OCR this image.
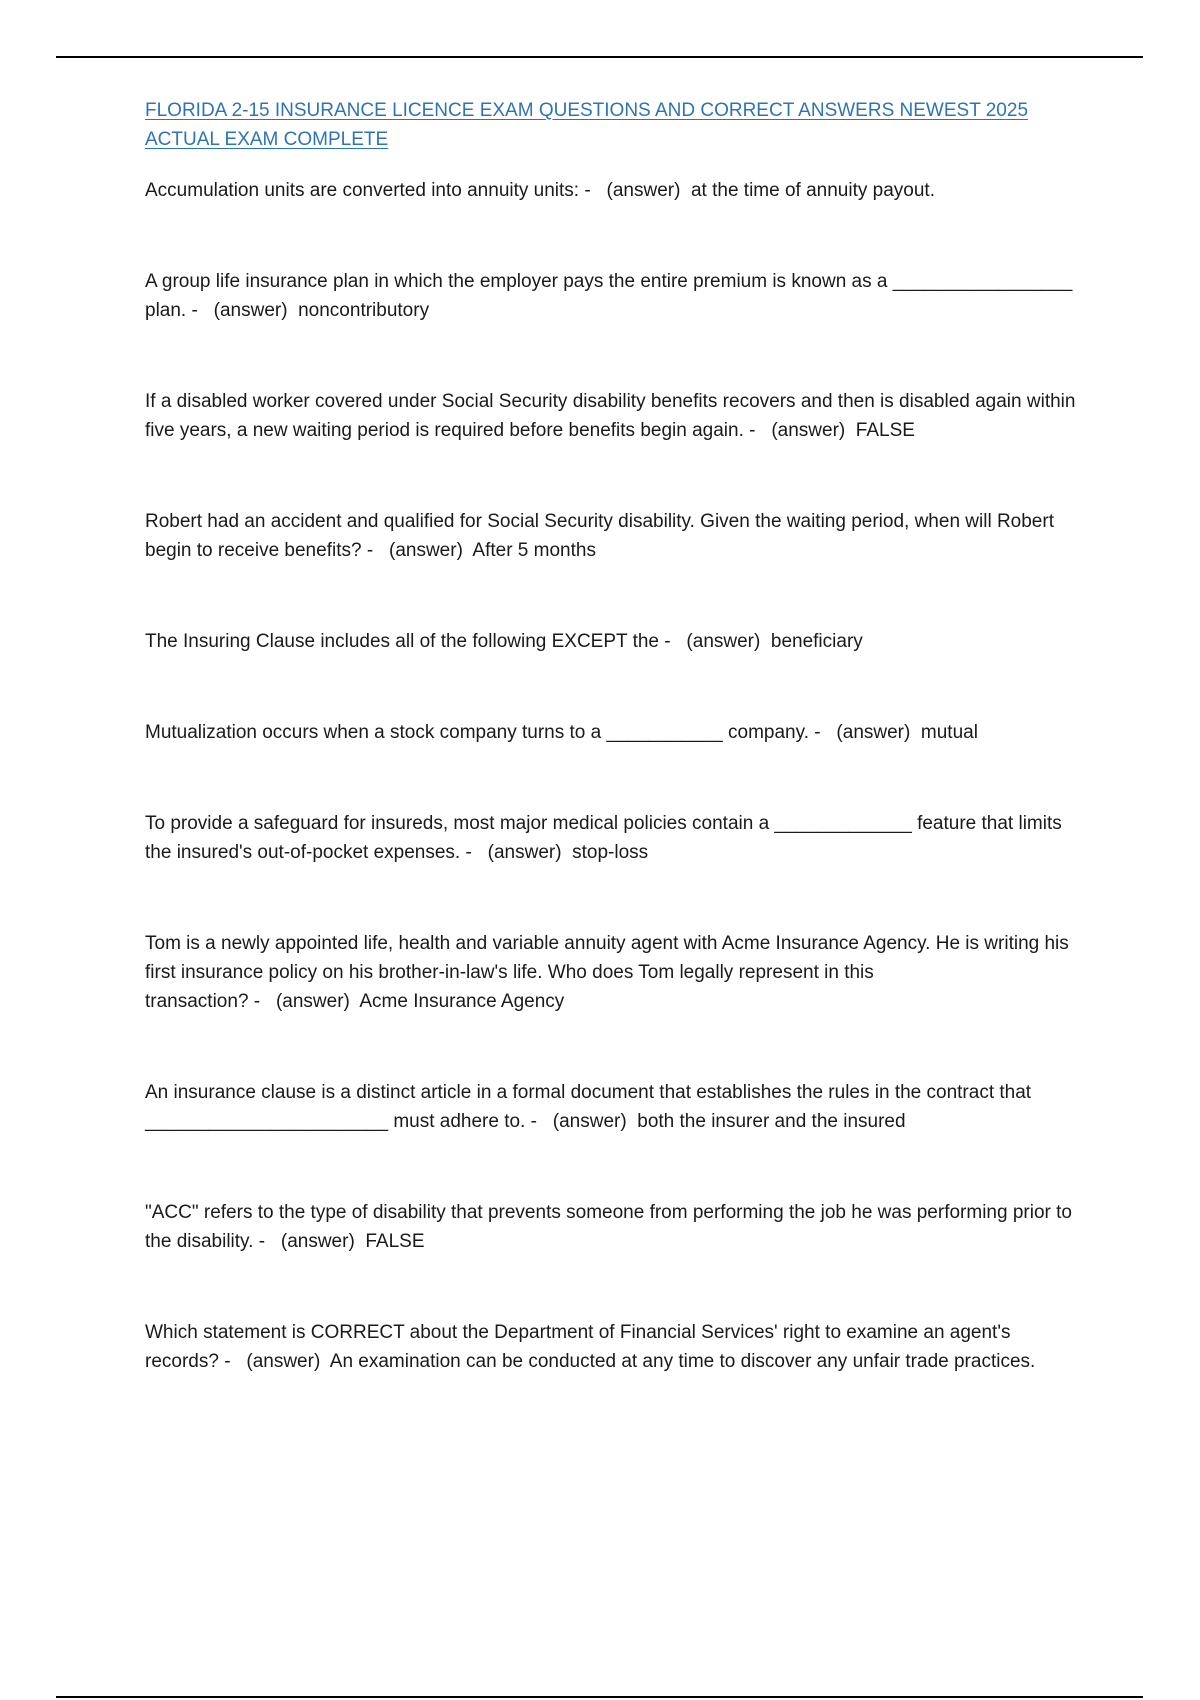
FLORIDA 2-15 INSURANCE LICENCE EXAM QUESTIONS AND CORRECT ANSWERS NEWEST 2025 ACTUAL EXAM COMPLETE

Accumulation units are converted into annuity units: -   (answer)  at the time of annuity payout.

A group life insurance plan in which the employer pays the entire premium is known as a _________________ plan. -   (answer)  noncontributory

If a disabled worker covered under Social Security disability benefits recovers and then is disabled again within five years, a new waiting period is required before benefits begin again. -   (answer)  FALSE

Robert had an accident and qualified for Social Security disability. Given the waiting period, when will Robert begin to receive benefits? -   (answer)  After 5 months

The Insuring Clause includes all of the following EXCEPT the -   (answer)  beneficiary

Mutualization occurs when a stock company turns to a ___________ company. -   (answer)  mutual

To provide a safeguard for insureds, most major medical policies contain a _____________ feature that limits the insured's out-of-pocket expenses. -   (answer)  stop-loss

Tom is a newly appointed life, health and variable annuity agent with Acme Insurance Agency. He is writing his first insurance policy on his brother-in-law's life. Who does Tom legally represent in this transaction? -   (answer)  Acme Insurance Agency

An insurance clause is a distinct article in a formal document that establishes the rules in the contract that _______________________ must adhere to. -   (answer)  both the insurer and the insured

"ACC" refers to the type of disability that prevents someone from performing the job he was performing prior to the disability. -   (answer)  FALSE

Which statement is CORRECT about the Department of Financial Services' right to examine an agent's records? -   (answer)  An examination can be conducted at any time to discover any unfair trade practices.
